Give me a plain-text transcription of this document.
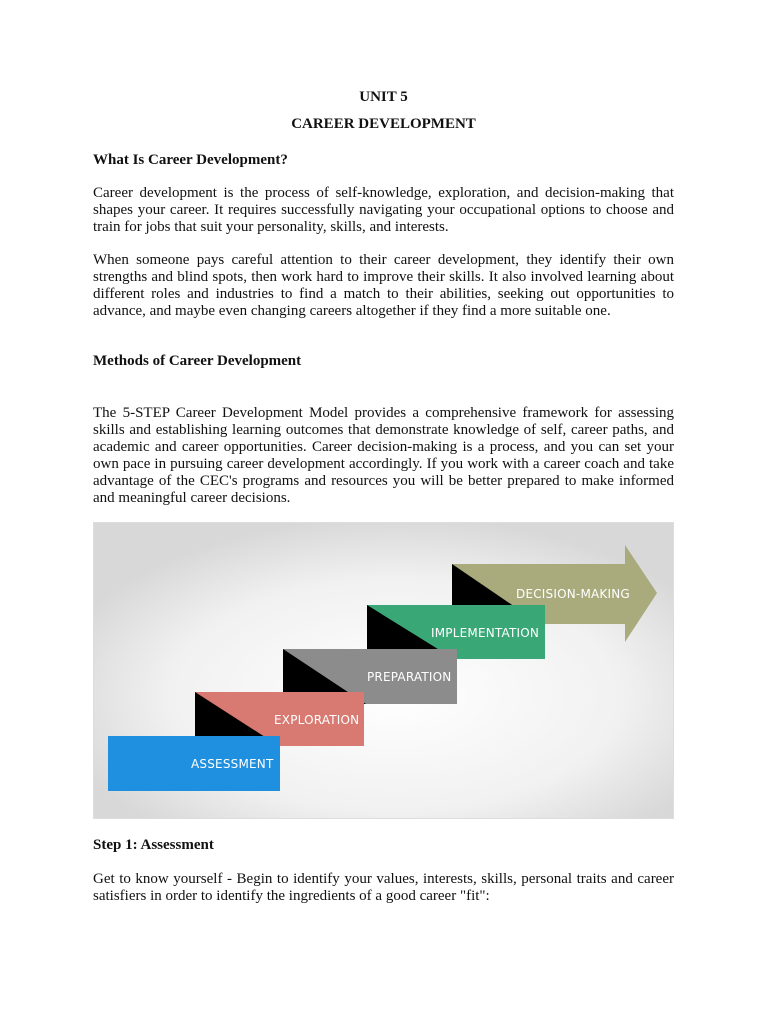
UNIT 5

CAREER DEVELOPMENT

What Is Career Development?

Career development is the process of self-knowledge, exploration, and decision-making that shapes your career. It requires successfully navigating your occupational options to choose and train for jobs that suit your personality, skills, and interests.

When someone pays careful attention to their career development, they identify their own strengths and blind spots, then work hard to improve their skills. It also involved learning about different roles and industries to find a match to their abilities, seeking out opportunities to advance, and maybe even changing careers altogether if they find a more suitable one.

Methods of Career Development

The 5-STEP Career Development Model provides a comprehensive framework for assessing skills and establishing learning outcomes that demonstrate knowledge of self, career paths, and academic and career opportunities. Career decision-making is a process, and you can set your own pace in pursuing career development accordingly. If you work with a career coach and take advantage of the CEC's programs and resources you will be better prepared to make informed and meaningful career decisions.

DECISION-MAKING
IMPLEMENTATION
PREPARATION
EXPLORATION
ASSESSMENT

Step 1: Assessment

Get to know yourself - Begin to identify your values, interests, skills, personal traits and career satisfiers in order to identify the ingredients of a good career "fit":
